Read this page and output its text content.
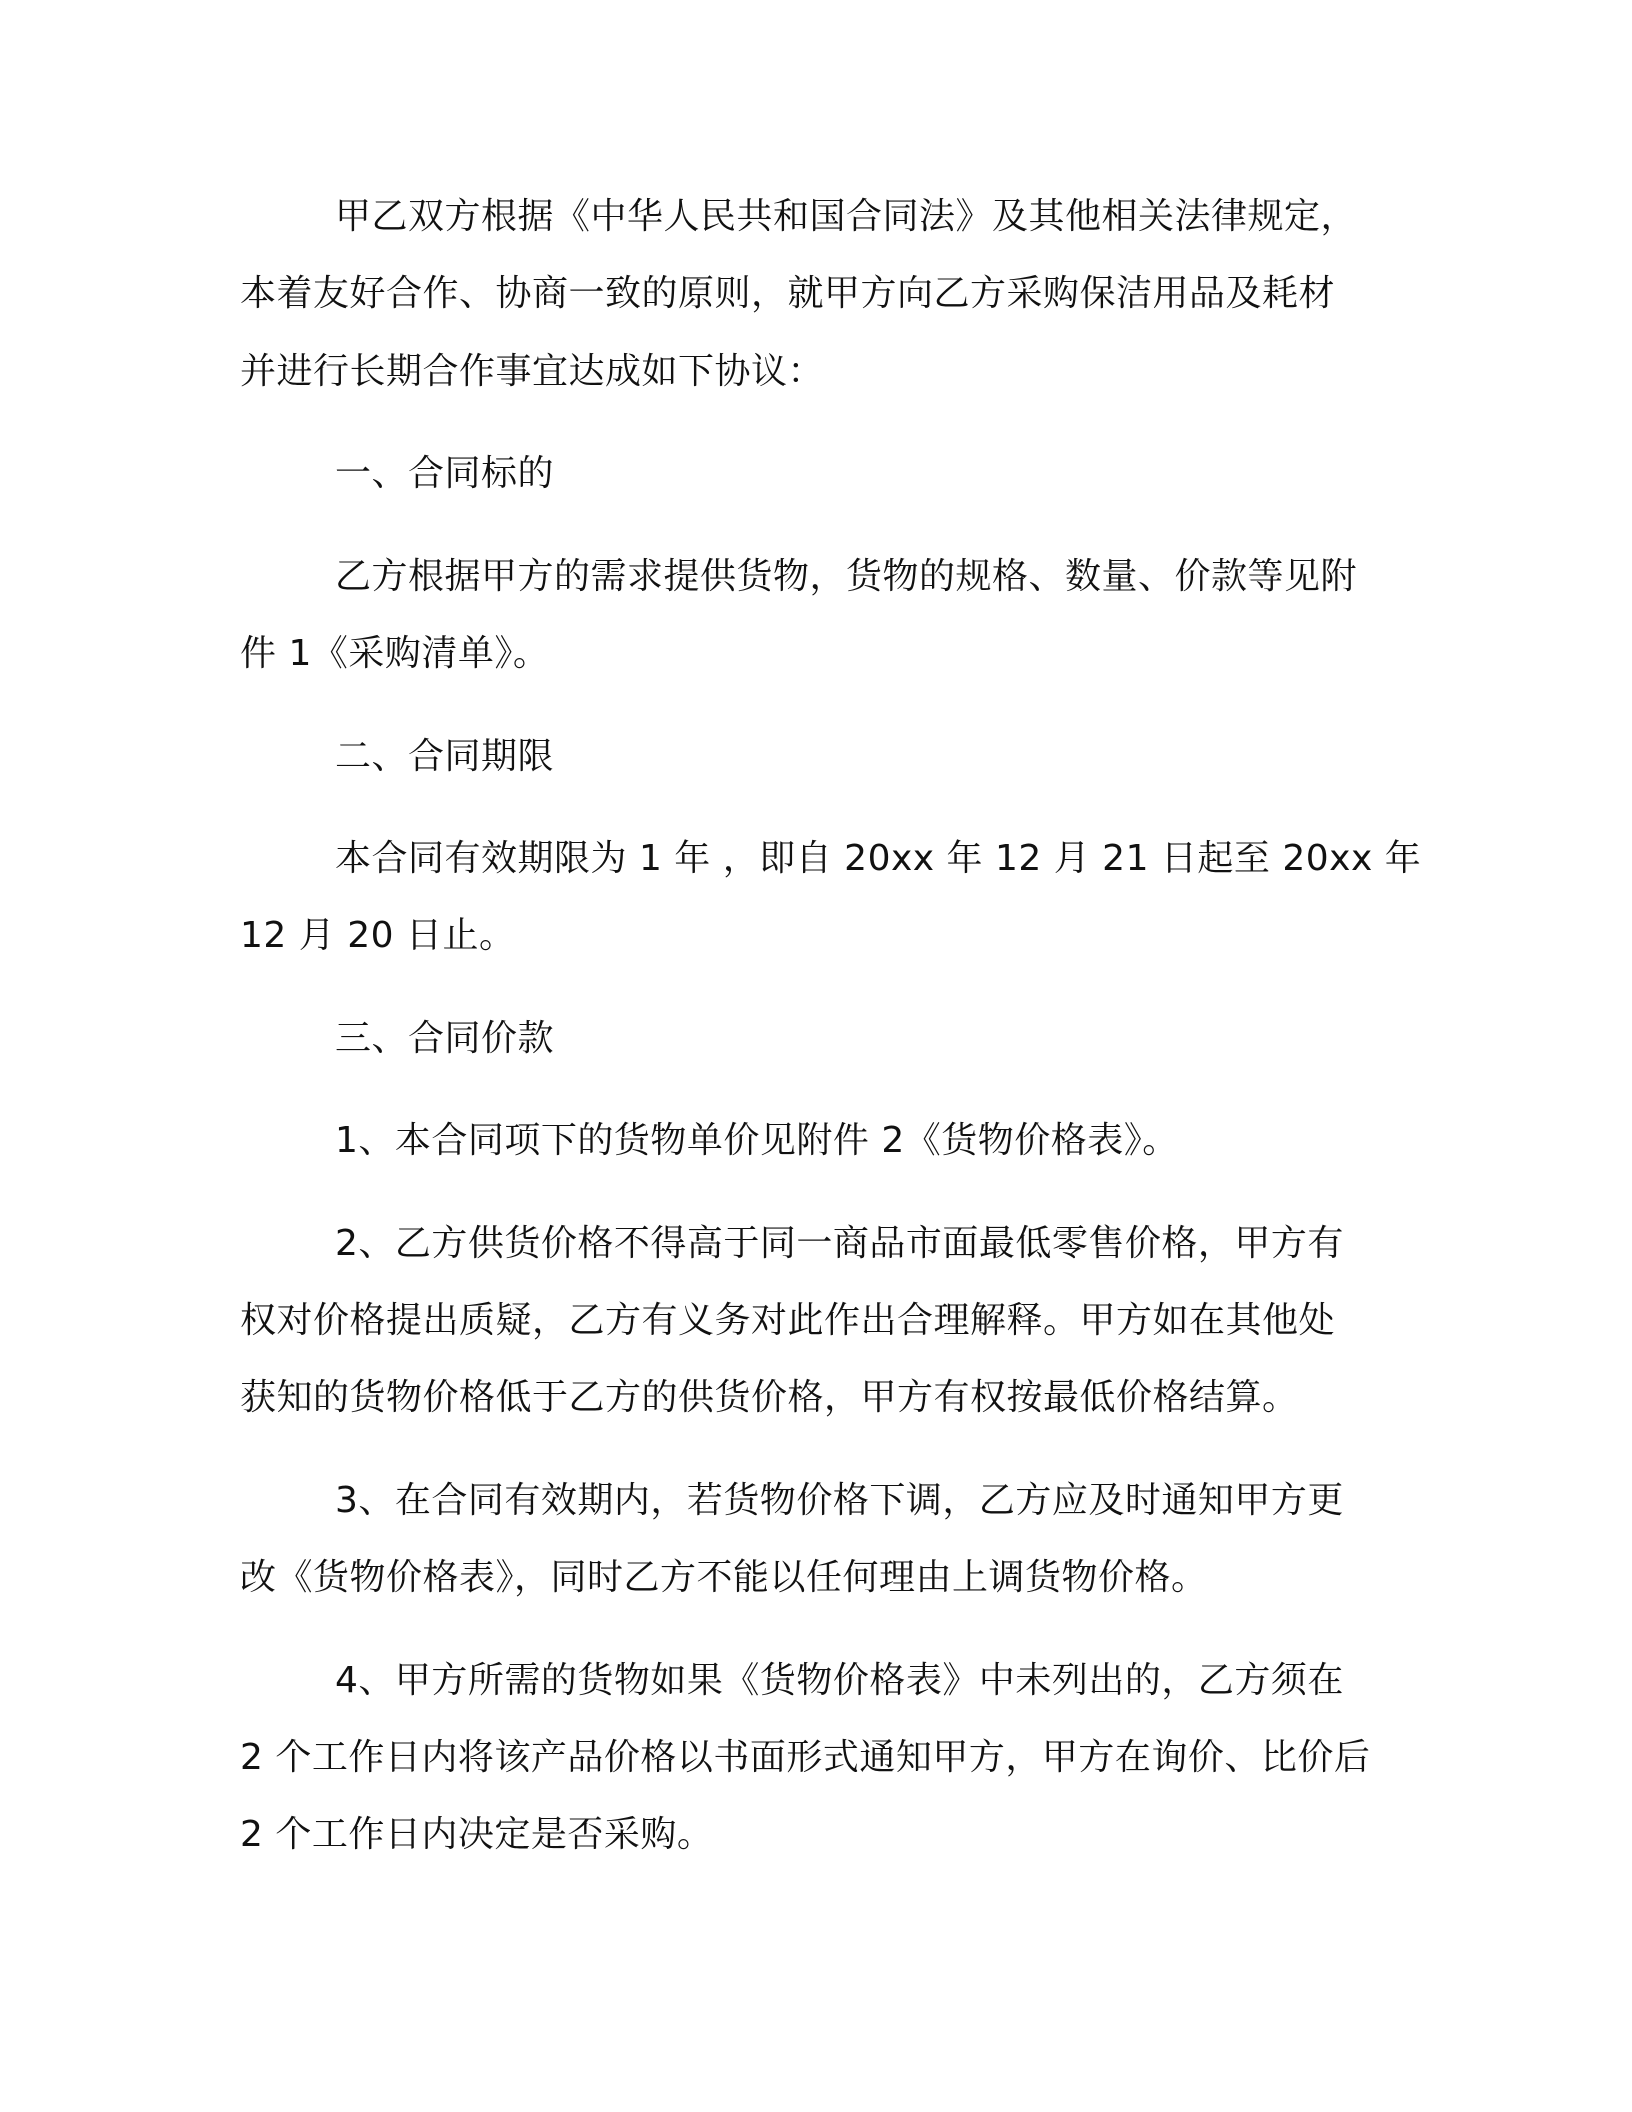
甲乙双方根据《中华人民共和国合同法》及其他相关法律规定，
本着友好合作、协商一致的原则，就甲方向乙方采购保洁用品及耗材
并进行长期合作事宜达成如下协议：
一、合同标的
乙方根据甲方的需求提供货物，货物的规格、数量、价款等见附
件 1《采购清单》。
二、合同期限
本合同有效期限为 1 年 ，即自 20xx 年 12 月 21 日起至 20xx 年
12 月 20 日止。
三、合同价款
1、本合同项下的货物单价见附件 2《货物价格表》。
2、乙方供货价格不得高于同一商品市面最低零售价格，甲方有
权对价格提出质疑，乙方有义务对此作出合理解释。甲方如在其他处
获知的货物价格低于乙方的供货价格，甲方有权按最低价格结算。
3、在合同有效期内，若货物价格下调，乙方应及时通知甲方更
改《货物价格表》，同时乙方不能以任何理由上调货物价格。
4、甲方所需的货物如果《货物价格表》中未列出的，乙方须在
2 个工作日内将该产品价格以书面形式通知甲方，甲方在询价、比价后
2 个工作日内决定是否采购。
